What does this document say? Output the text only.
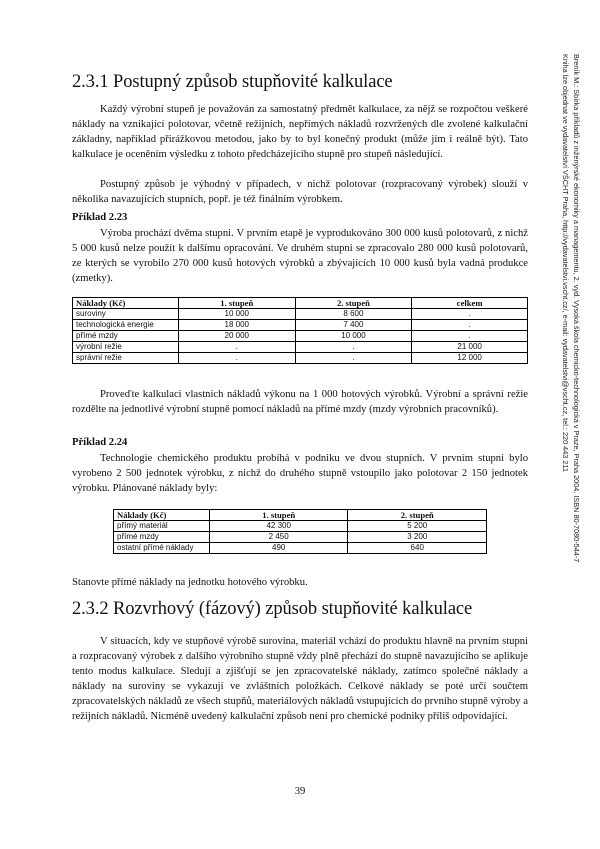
Breník M.: Sbírka příkladů z inženýrské ekonomiky a managementu, 2. vyd. Vysoká škola chemicko-technologická v Praze, Praha 2004. ISBN 80-7080-544-7
Kniha lze objednat ve vydavatelství VŠCHT Praha, http://vydavatelstvi.vscht.cz/, e-mail: vydavatelstvi@vscht.cz, tel.: 220 443 211
2.3.1 Postupný způsob stupňovité kalkulace

Každý výrobní stupeň je považován za samostatný předmět kalkulace, za nějž se rozpočtou veškeré náklady na vznikající polotovar, včetně režijních, nepřímých nákladů rozvržených dle zvolené kalkulační základny, například přirážkovou metodou, jako by to byl konečný produkt (může jím i reálně být). Tato kalkulace je oceněním výsledku z tohoto předcházejícího stupně pro stupeň následující.

Postupný způsob je výhodný v případech, v nichž polotovar (rozpracovaný výrobek) slouží v několika navazujících stupních, popř. je též finálním výrobkem.

Příklad 2.23

Výroba prochází dvěma stupni. V prvním etapě je vyprodukováno 300 000 kusů polotovarů, z nichž 5 000 kusů nelze použít k dalšímu opracování. Ve druhém stupni se zpracovalo 280 000 kusů polotovarů, ze kterých se vyrobilo 270 000 kusů hotových výrobků a zbývajících 10 000 kusů byla vadná produkce (zmetky).

Náklady (Kč)	1. stupeň	2. stupeň	celkem
suroviny	10 000	8 600	.
technologická energie	18 000	7 400	.
přímé mzdy	20 000	10 000	.
výrobní režie	.	.	21 000
správní režie	.	.	12 000

Proveďte kalkulaci vlastních nákladů výkonu na 1 000 hotových výrobků. Výrobní a správní režie rozdělte na jednotlivé výrobní stupně pomocí nákladů na přímé mzdy (mzdy výrobních pracovníků).

Příklad 2.24

Technologie chemického produktu probíhá v podniku ve dvou stupních. V prvním stupni bylo vyrobeno 2 500 jednotek výrobku, z nichž do druhého stupně vstoupilo jako polotovar 2 150 jednotek výrobku. Plánované náklady byly:

Náklady (Kč)	1. stupeň	2. stupeň
přímý materiál	42 300	5 200
přímé mzdy	2 450	3 200
ostatní přímé náklady	490	640

Stanovte přímé náklady na jednotku hotového výrobku.

2.3.2 Rozvrhový (fázový) způsob stupňovité kalkulace

V situacích, kdy ve stupňové výrobě surovina, materiál vchází do produktu hlavně na prvním stupni a rozpracovaný výrobek z dalšího výrobního stupně vždy plně přechází do stupně navazujícího se aplikuje tento modus kalkulace. Sledují a zjišťují se jen zpracovatelské náklady, zatímco společné náklady a náklady na suroviny se vykazují ve zvláštních položkách. Celkové náklady se poté určí součtem zpracovatelských nákladů ze všech stupňů, materiálových nákladů vstupujících do prvního stupně výroby a režijních nákladů. Nicméně uvedený kalkulační způsob není pro chemické podniky příliš odpovídající.

39
